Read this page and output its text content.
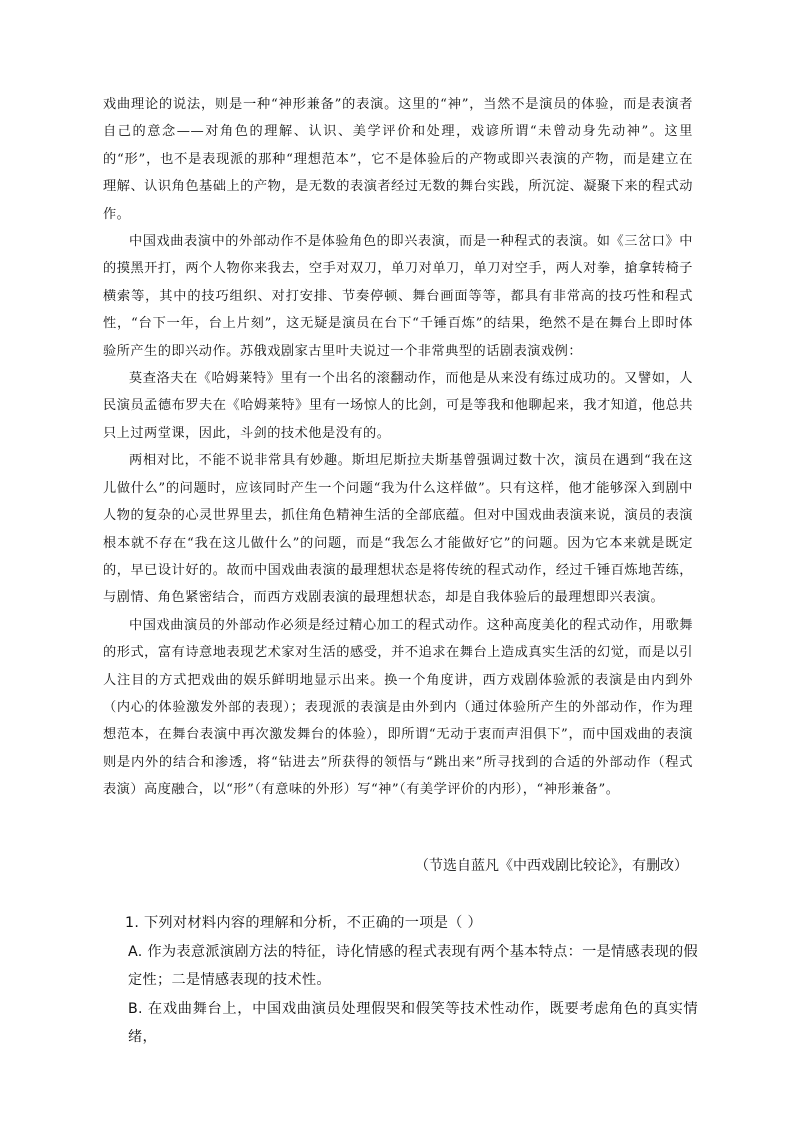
戏曲理论的说法，则是一种“神形兼备”的表演。这里的“神”，当然不是演员的体验，而是表演者自己的意念——对角色的理解、认识、美学评价和处理，戏谚所谓“未曾动身先动神”。这里的“形”，也不是表现派的那种“理想范本”，它不是体验后的产物或即兴表演的产物，而是建立在理解、认识角色基础上的产物，是无数的表演者经过无数的舞台实践，所沉淀、凝聚下来的程式动作。

中国戏曲表演中的外部动作不是体验角色的即兴表演，而是一种程式的表演。如《三岔口》中的摸黑开打，两个人物你来我去，空手对双刀，单刀对单刀，单刀对空手，两人对拳，搶拿转椅子横索等，其中的技巧组织、对打安排、节奏停顿、舞台画面等等，都具有非常高的技巧性和程式性，“台下一年，台上片刻”，这无疑是演员在台下“千锤百炼”的结果，绝然不是在舞台上即时体验所产生的即兴动作。苏俄戏剧家古里叶夫说过一个非常典型的话剧表演戏例：

莫查洛夫在《哈姆莱特》里有一个出名的滚翻动作，而他是从来没有练过成功的。又譬如，人民演员孟德布罗夫在《哈姆莱特》里有一场惊人的比剑，可是等我和他聊起来，我才知道，他总共只上过两堂课，因此，斗剑的技术他是没有的。

两相对比，不能不说非常具有妙趣。斯坦尼斯拉夫斯基曾强调过数十次，演员在遇到“我在这儿做什么”的问题时，应该同时产生一个问题“我为什么这样做”。只有这样，他才能够深入到剧中人物的复杂的心灵世界里去，抓住角色精神生活的全部底蕴。但对中国戏曲表演来说，演员的表演根本就不存在“我在这儿做什么”的问题，而是“我怎么才能做好它”的问题。因为它本来就是既定的，早已设计好的。故而中国戏曲表演的最理想状态是将传统的程式动作，经过千锤百炼地苦练，与剧情、角色紧密结合，而西方戏剧表演的最理想状态，却是自我体验后的最理想即兴表演。

中国戏曲演员的外部动作必须是经过精心加工的程式动作。这种高度美化的程式动作，用歌舞的形式，富有诗意地表现艺术家对生活的感受，并不追求在舞台上造成真实生活的幻觉，而是以引人注目的方式把戏曲的娱乐鲜明地显示出来。换一个角度讲，西方戏剧体验派的表演是由内到外（内心的体验激发外部的表现）；表现派的表演是由外到内（通过体验所产生的外部动作，作为理想范本，在舞台表演中再次激发舞台的体验），即所谓“无动于衷而声泪俱下”，而中国戏曲的表演则是内外的结合和渗透，将“钻进去”所获得的领悟与“跳出来”所寻找到的合适的外部动作（程式表演）高度融合，以“形”（有意味的外形）写“神”（有美学评价的内形），“神形兼备”。

（节选自蓝凡《中西戏剧比较论》，有删改）

1. 下列对材料内容的理解和分析，不正确的一项是（ ）

A. 作为表意派演剧方法的特征，诗化情感的程式表现有两个基本特点：一是情感表现的假定性；二是情感表现的技术性。

B. 在戏曲舞台上，中国戏曲演员处理假哭和假笑等技术性动作，既要考虑角色的真实情绪，
